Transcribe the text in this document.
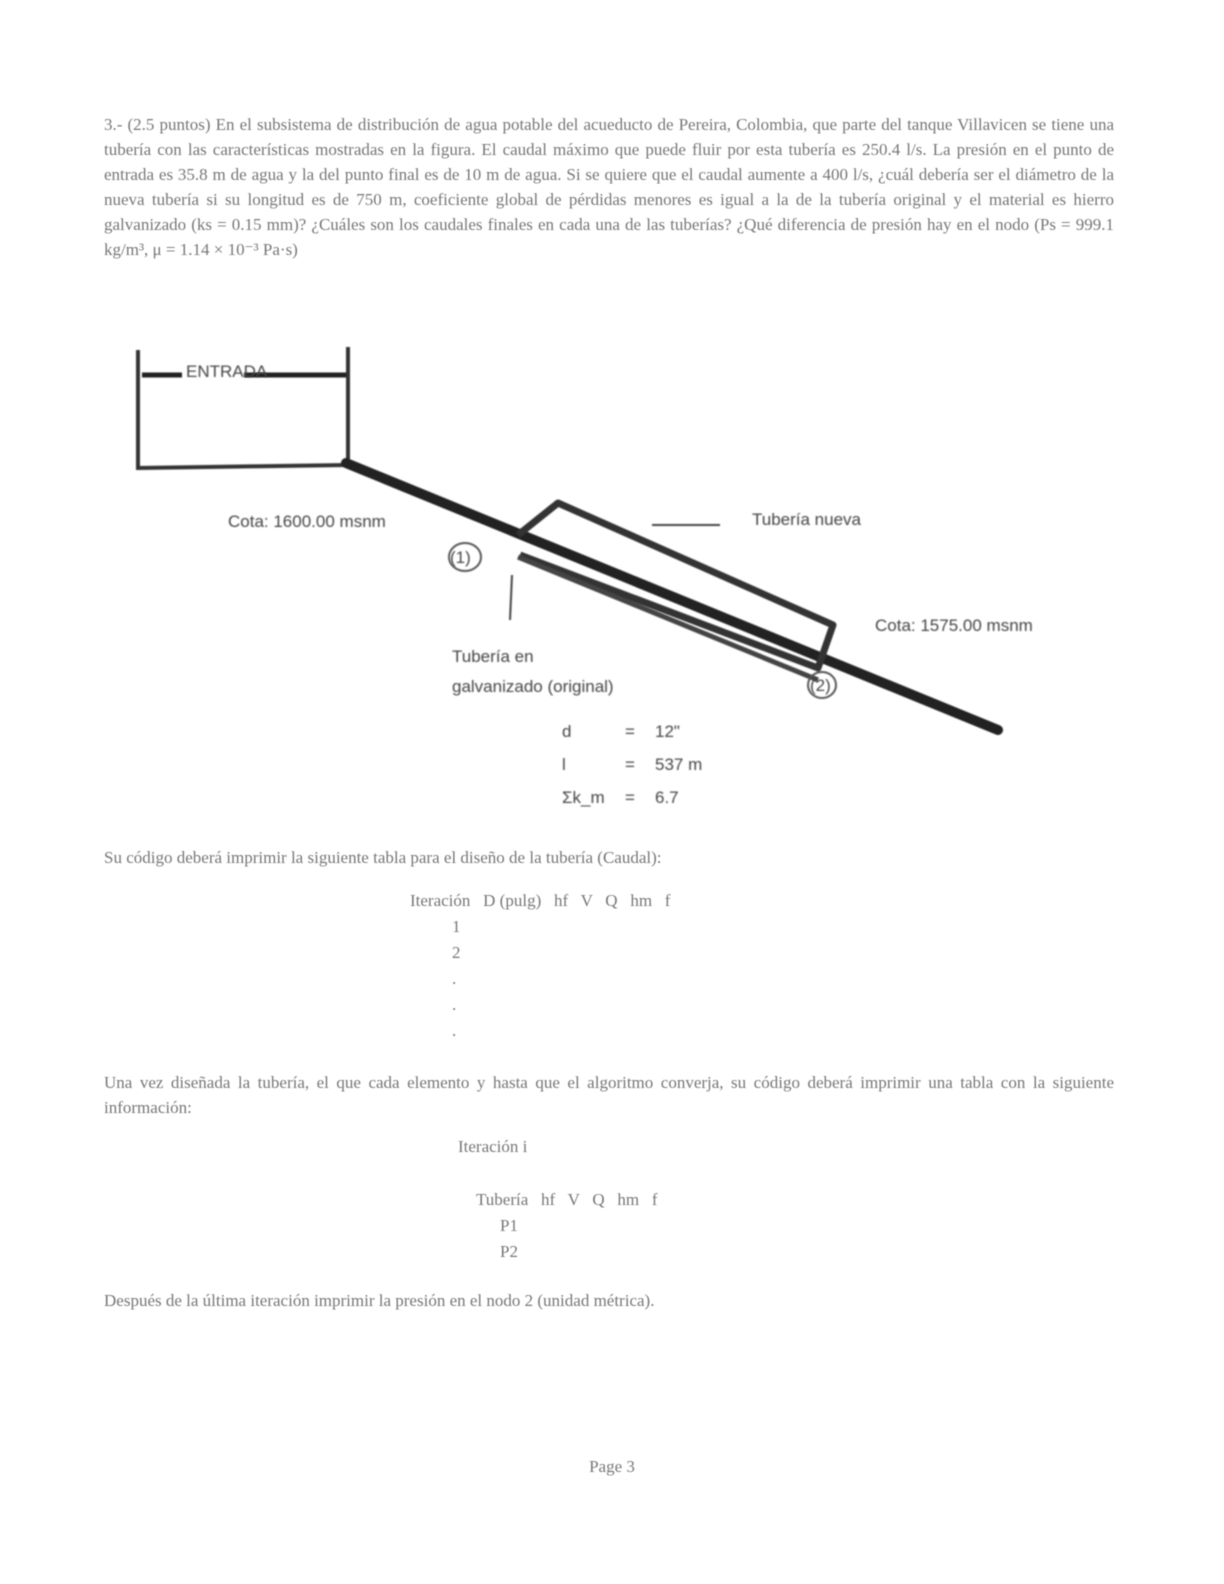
3.- (2.5 puntos) En el subsistema de distribución de agua potable del acueducto de Pereira, Colombia, que parte del tanque Villavicen se tiene una tubería con las características mostradas en la figura. El caudal máximo que puede fluir por esta tubería es 250.4 l/s. La presión en el punto de entrada es 35.8 m de agua y la del punto final es de 10 m de agua. Si se quiere que el caudal aumente a 400 l/s, ¿cuál debería ser el diámetro de la nueva tubería si su longitud es de 750 m, coeficiente global de pérdidas menores es igual a la de la tubería original y el material es hierro galvanizado (ks = 0.15 mm)? ¿Cuáles son los caudales finales en cada una de las tuberías? ¿Qué diferencia de presión hay en el nodo (Ps = 999.1 kg/m³, μ = 1.14 × 10⁻³ Pa·s)
ENTRADA
Cota: 1600.00 msnm
(1)
Tubería nueva
Tubería en
galvanizado (original)
Cota: 1575.00 msnm
(2)
d	= 12"
l	= 537 m
Σk_m = 6.7
Su código deberá imprimir la siguiente tabla para el diseño de la tubería (Caudal):
Iteración   D (pulg)   hf   V   Q   hm   f
1
2
.
.
.
Una vez diseñada la tubería, el que cada elemento y hasta que el algoritmo converja, su código deberá imprimir una tabla con la siguiente información:
Iteración i
Tubería   hf   V   Q   hm   f
P1
P2
Después de la última iteración imprimir la presión en el nodo 2 (unidad métrica).
Page 3
